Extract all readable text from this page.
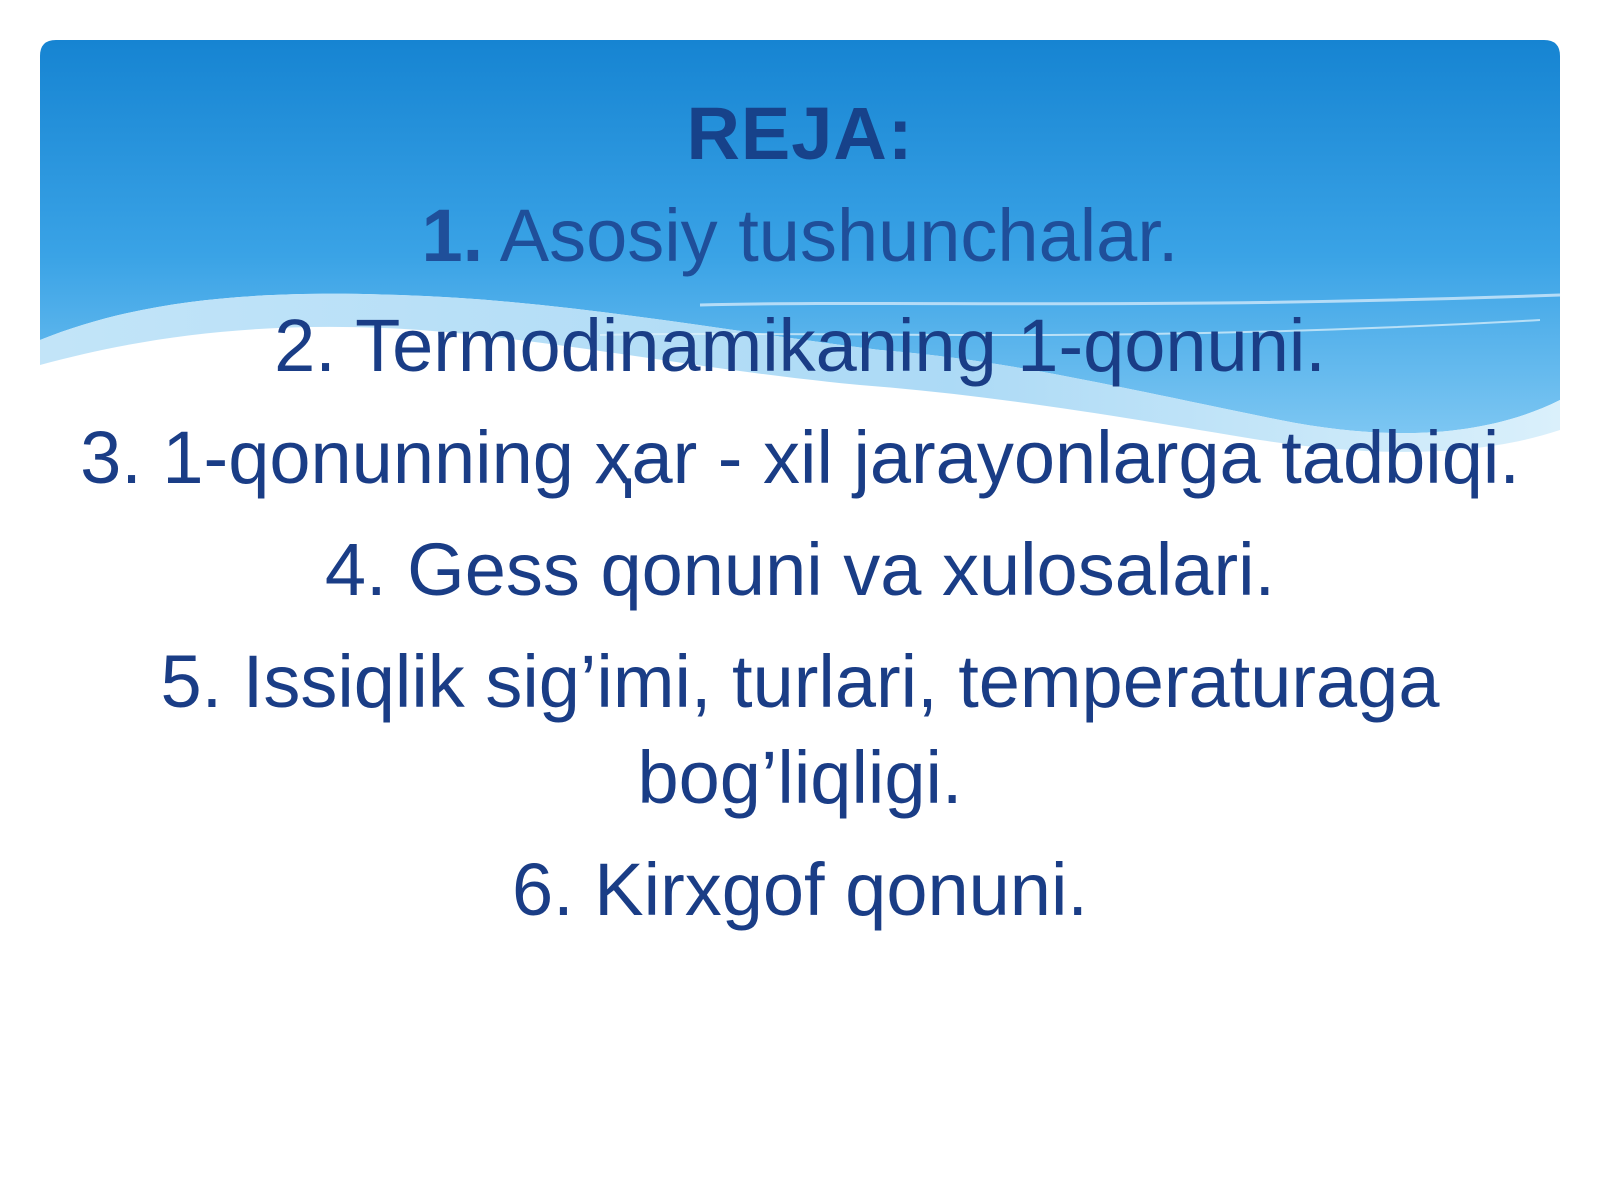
REJA:

1. Asosiy tushunchalar.

2. Termodinamikaning 1-qonuni.

3. 1-qonunning ҳar - xil jarayonlarga tadbiqi.

4. Gess qonuni va xulosalari.

5. Issiqlik sig’imi, turlari, temperaturaga bog’liqligi.

6. Kirxgof qonuni.
